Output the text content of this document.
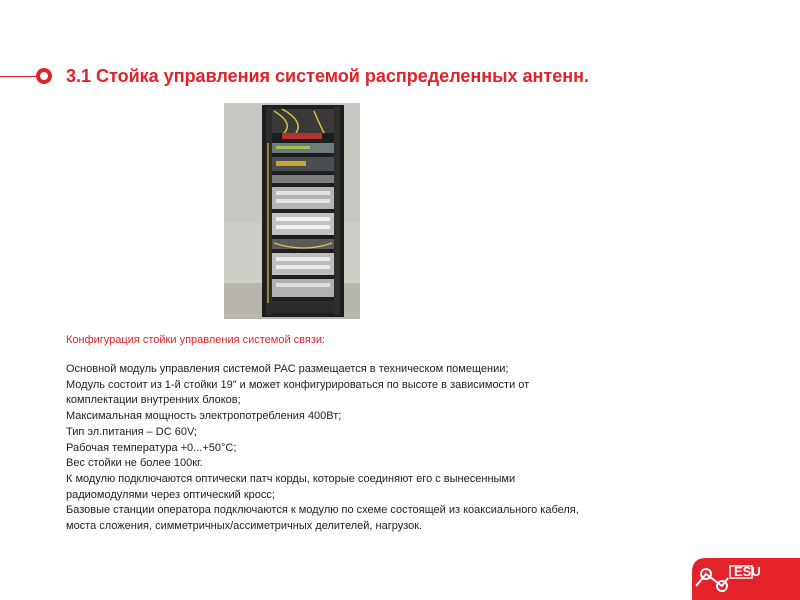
3.1 Стойка управления системой распределенных антенн.
Конфигурация стойки управления системой связи:
Основной модуль управления системой РАС размещается в техническом помещении;
Модуль состоит из 1-й стойки 19" и может конфигурироваться по высоте в зависимости от
комплектации внутренних блоков;
Максимальная мощность электропотребления 400Вт;
Тип эл.питания – DC 60V;
Рабочая температура +0...+50°C;
Вес стойки не более 100кг.
К модулю подключаются оптически патч корды, которые соединяют его с вынесенными
радиомодулями через оптический кросс;
Базовые станции оператора подключаются к модулю по схеме состоящей из коаксиального кабеля,
моста сложения, симметричных/ассиметричных делителей, нагрузок.
ESU
